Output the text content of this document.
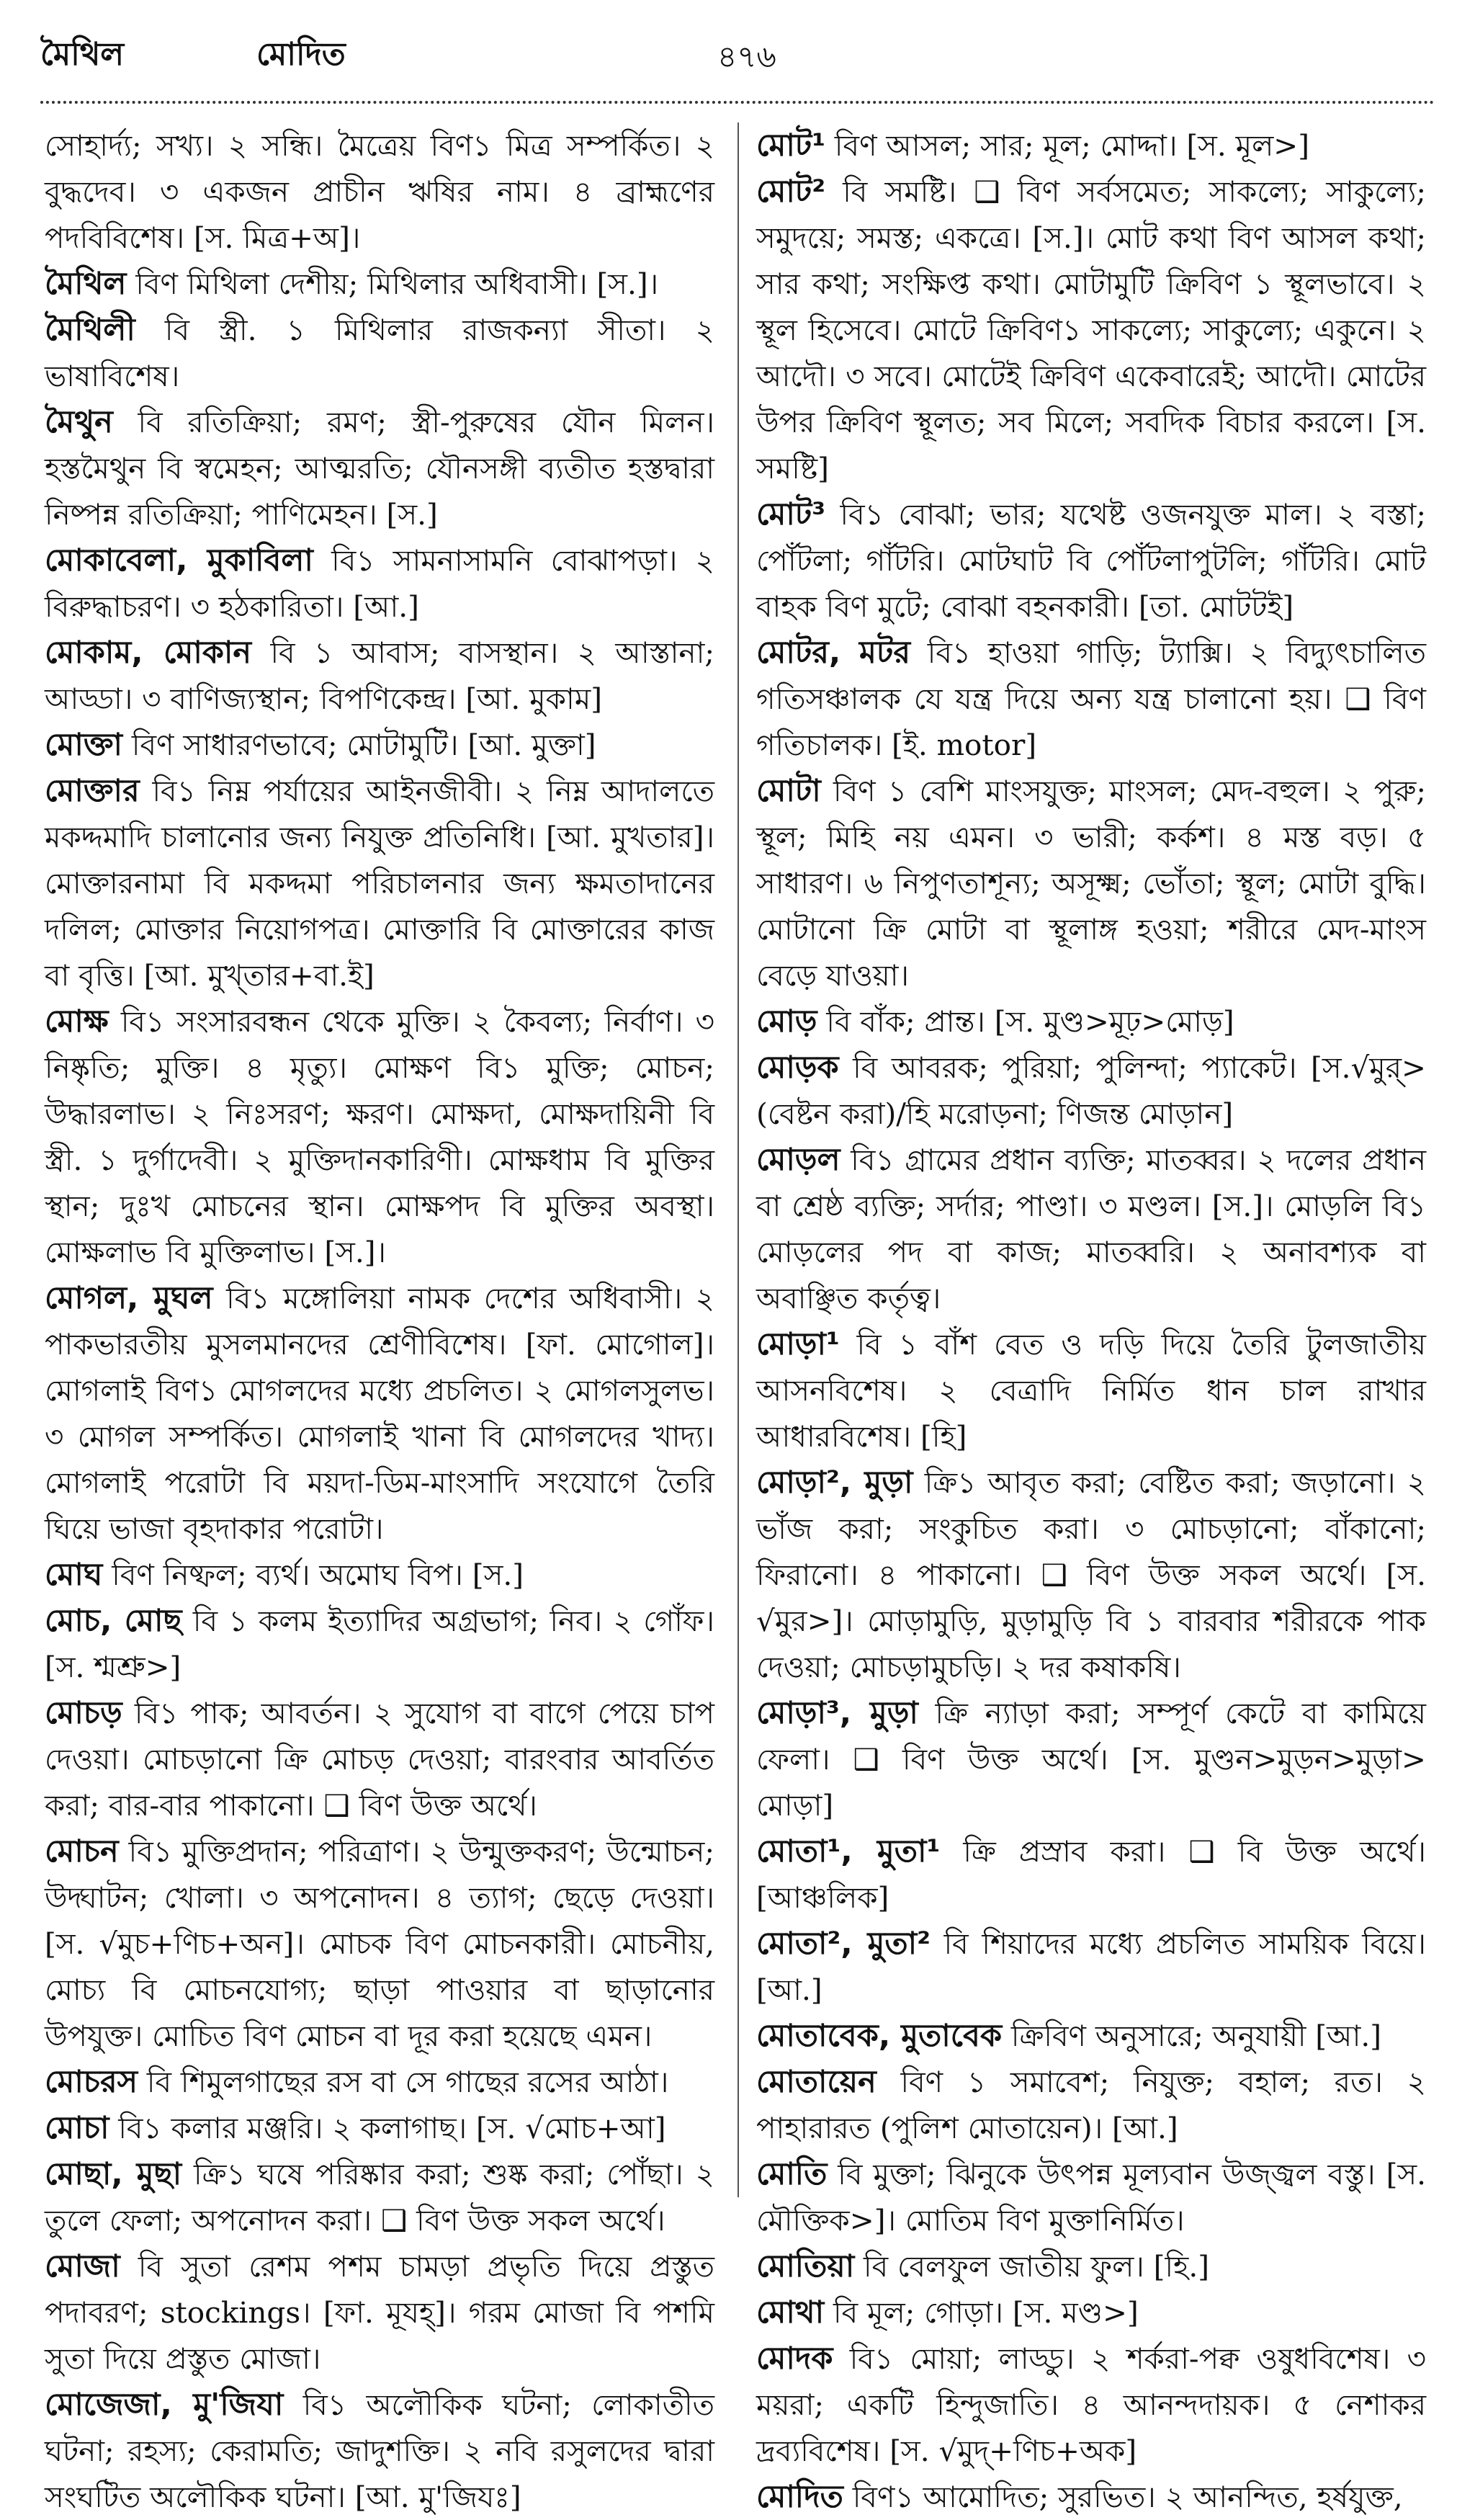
মৈথিল	মোদিত	৪৭৬

সোহার্দ্য; সখ্য। ২ সন্ধি। মৈত্রেয় বিণ১ মিত্র সম্পর্কিত। ২ বুদ্ধদেব। ৩ একজন প্রাচীন ঋষির নাম। ৪ ব্রাহ্মণের পদবিবিশেষ। [স. মিত্র+অ]।

মৈথিল বিণ মিথিলা দেশীয়; মিথিলার অধিবাসী। [স.]।

মৈথিলী বি স্ত্রী. ১ মিথিলার রাজকন্যা সীতা। ২ ভাষাবিশেষ।

মৈথুন বি রতিক্রিয়া; রমণ; স্ত্রী-পুরুষের যৌন মিলন। হস্তমৈথুন বি স্বমেহন; আত্মরতি; যৌনসঙ্গী ব্যতীত হস্তদ্বারা নিষ্পন্ন রতিক্রিয়া; পাণিমেহন। [স.]

মোকাবেলা, মুকাবিলা বি১ সামনাসামনি বোঝাপড়া। ২ বিরুদ্ধাচরণ। ৩ হঠকারিতা। [আ.]

মোকাম, মোকান বি ১ আবাস; বাসস্থান। ২ আস্তানা; আড্ডা। ৩ বাণিজ্যস্থান; বিপণিকেন্দ্র। [আ. মুকাম]

মোক্তা বিণ সাধারণভাবে; মোটামুটি। [আ. মুক্তা]

মোক্তার বি১ নিম্ন পর্যায়ের আইনজীবী। ২ নিম্ন আদালতে মকদ্দমাদি চালানোর জন্য নিযুক্ত প্রতিনিধি। [আ. মুখতার]। মোক্তারনামা বি মকদ্দমা পরিচালনার জন্য ক্ষমতাদানের দলিল; মোক্তার নিয়োগপত্র। মোক্তারি বি মোক্তারের কাজ বা বৃত্তি। [আ. মুখ্তার+বা.ই]

মোক্ষ বি১ সংসারবন্ধন থেকে মুক্তি। ২ কৈবল্য; নির্বাণ। ৩ নিষ্কৃতি; মুক্তি। ৪ মৃত্যু। মোক্ষণ বি১ মুক্তি; মোচন; উদ্ধারলাভ। ২ নিঃসরণ; ক্ষরণ। মোক্ষদা, মোক্ষদায়িনী বি স্ত্রী. ১ দুর্গাদেবী। ২ মুক্তিদানকারিণী। মোক্ষধাম বি মুক্তির স্থান; দুঃখ মোচনের স্থান। মোক্ষপদ বি মুক্তির অবস্থা। মোক্ষলাভ বি মুক্তিলাভ। [স.]।

মোগল, মুঘল বি১ মঙ্গোলিয়া নামক দেশের অধিবাসী। ২ পাকভারতীয় মুসলমানদের শ্রেণীবিশেষ। [ফা. মোগোল]। মোগলাই বিণ১ মোগলদের মধ্যে প্রচলিত। ২ মোগলসুলভ। ৩ মোগল সম্পর্কিত। মোগলাই খানা বি মোগলদের খাদ্য। মোগলাই পরোটা বি ময়দা-ডিম-মাংসাদি সংযোগে তৈরি ঘিয়ে ভাজা বৃহদাকার পরোটা।

মোঘ বিণ নিষ্ফল; ব্যর্থ। অমোঘ বিপ। [স.]

মোচ, মোছ বি ১ কলম ইত্যাদির অগ্রভাগ; নিব। ২ গোঁফ। [স. শ্মশ্রু>]

মোচড় বি১ পাক; আবর্তন। ২ সুযোগ বা বাগে পেয়ে চাপ দেওয়া। মোচড়ানো ক্রি মোচড় দেওয়া; বারংবার আবর্তিত করা; বার-বার পাকানো। ❑ বিণ উক্ত অর্থে।

মোচন বি১ মুক্তিপ্রদান; পরিত্রাণ। ২ উন্মুক্তকরণ; উন্মোচন; উদ্ঘাটন; খোলা। ৩ অপনোদন। ৪ ত্যাগ; ছেড়ে দেওয়া। [স. √মুচ+ণিচ+অন]। মোচক বিণ মোচনকারী। মোচনীয়, মোচ্য বি মোচনযোগ্য; ছাড়া পাওয়ার বা ছাড়ানোর উপযুক্ত। মোচিত বিণ মোচন বা দূর করা হয়েছে এমন।

মোচরস বি শিমুলগাছের রস বা সে গাছের রসের আঠা।

মোচা বি১ কলার মঞ্জরি। ২ কলাগাছ। [স. √মোচ+আ]

মোছা, মুছা ক্রি১ ঘষে পরিষ্কার করা; শুষ্ক করা; পোঁছা। ২ তুলে ফেলা; অপনোদন করা। ❑ বিণ উক্ত সকল অর্থে।

মোজা বি সুতা রেশম পশম চামড়া প্রভৃতি দিয়ে প্রস্তুত পদাবরণ; stockings। [ফা. মূযহ্]। গরম মোজা বি পশমি সুতা দিয়ে প্রস্তুত মোজা।

মোজেজা, মু'জিযা বি১ অলৌকিক ঘটনা; লোকাতীত ঘটনা; রহস্য; কেরামতি; জাদুশক্তি। ২ নবি রসুলদের দ্বারা সংঘটিত অলৌকিক ঘটনা। [আ. মু'জিযঃ]

মোট¹ বিণ আসল; সার; মূল; মোদ্দা। [স. মূল>]

মোট² বি সমষ্টি। ❑ বিণ সর্বসমেত; সাকল্যে; সাকুল্যে; সমুদয়ে; সমস্ত; একত্রে। [স.]। মোট কথা বিণ আসল কথা; সার কথা; সংক্ষিপ্ত কথা। মোটামুটি ক্রিবিণ ১ স্থূলভাবে। ২ স্থূল হিসেবে। মোটে ক্রিবিণ১ সাকল্যে; সাকুল্যে; একুনে। ২ আদৌ। ৩ সবে। মোটেই ক্রিবিণ একেবারেই; আদৌ। মোটের উপর ক্রিবিণ স্থূলত; সব মিলে; সবদিক বিচার করলে। [স. সমষ্টি]

মোট³ বি১ বোঝা; ভার; যথেষ্ট ওজনযুক্ত মাল। ২ বস্তা; পোঁটলা; গাঁটরি। মোটঘাট বি পোঁটলাপুটলি; গাঁটরি। মোট বাহক বিণ মুটে; বোঝা বহনকারী। [তা. মোটটই]

মোটর, মটর বি১ হাওয়া গাড়ি; ট্যাক্সি। ২ বিদ্যুৎচালিত গতিসঞ্চালক যে যন্ত্র দিয়ে অন্য যন্ত্র চালানো হয়। ❑ বিণ গতিচালক। [ই. motor]

মোটা বিণ ১ বেশি মাংসযুক্ত; মাংসল; মেদ-বহুল। ২ পুরু; স্থূল; মিহি নয় এমন। ৩ ভারী; কর্কশ। ৪ মস্ত বড়। ৫ সাধারণ। ৬ নিপুণতাশূন্য; অসূক্ষ্ম; ভোঁতা; স্থূল; মোটা বুদ্ধি। মোটানো ক্রি মোটা বা স্থূলাঙ্গ হওয়া; শরীরে মেদ-মাংস বেড়ে যাওয়া।

মোড় বি বাঁক; প্রান্ত। [স. মুণ্ড>মূঢ়>মোড়]

মোড়ক বি আবরক; পুরিয়া; পুলিন্দা; প্যাকেট। [স.√মুর্>(বেষ্টন করা)/হি মরোড়না; ণিজন্ত মোড়ান]

মোড়ল বি১ গ্রামের প্রধান ব্যক্তি; মাতব্বর। ২ দলের প্রধান বা শ্রেষ্ঠ ব্যক্তি; সর্দার; পাণ্ডা। ৩ মণ্ডল। [স.]। মোড়লি বি১ মোড়লের পদ বা কাজ; মাতব্বরি। ২ অনাবশ্যক বা অবাঞ্ছিত কর্তৃত্ব।

মোড়া¹ বি ১ বাঁশ বেত ও দড়ি দিয়ে তৈরি টুলজাতীয় আসনবিশেষ। ২ বেত্রাদি নির্মিত ধান চাল রাখার আধারবিশেষ। [হি]

মোড়া², মুড়া ক্রি১ আবৃত করা; বেষ্টিত করা; জড়ানো। ২ ভাঁজ করা; সংকুচিত করা। ৩ মোচড়ানো; বাঁকানো; ফিরানো। ৪ পাকানো। ❑ বিণ উক্ত সকল অর্থে। [স. √মুর>]। মোড়ামুড়ি, মুড়ামুড়ি বি ১ বারবার শরীরকে পাক দেওয়া; মোচড়ামুচড়ি। ২ দর কষাকষি।

মোড়া³, মুড়া ক্রি ন্যাড়া করা; সম্পূর্ণ কেটে বা কামিয়ে ফেলা। ❑ বিণ উক্ত অর্থে। [স. মুণ্ডন>মুড়ন>মুড়া> মোড়া]

মোতা¹, মুতা¹ ক্রি প্রস্রাব করা। ❑ বি উক্ত অর্থে। [আঞ্চলিক]

মোতা², মুতা² বি শিয়াদের মধ্যে প্রচলিত সাময়িক বিয়ে। [আ.]

মোতাবেক, মুতাবেক ক্রিবিণ অনুসারে; অনুযায়ী [আ.]

মোতায়েন বিণ ১ সমাবেশ; নিযুক্ত; বহাল; রত। ২ পাহারারত (পুলিশ মোতায়েন)। [আ.]

মোতি বি মুক্তা; ঝিনুকে উৎপন্ন মূল্যবান উজ্জ্বল বস্তু। [স. মৌক্তিক>]। মোতিম বিণ মুক্তানির্মিত।

মোতিয়া বি বেলফুল জাতীয় ফুল। [হি.]

মোথা বি মূল; গোড়া। [স. মণ্ড>]

মোদক বি১ মোয়া; লাড্ডু। ২ শর্করা-পক্ব ওষুধবিশেষ। ৩ ময়রা; একটি হিন্দুজাতি। ৪ আনন্দদায়ক। ৫ নেশাকর দ্রব্যবিশেষ। [স. √মুদ্+ণিচ+অক]

মোদিত বিণ১ আমোদিত; সুরভিত। ২ আনন্দিত, হর্ষযুক্ত,
